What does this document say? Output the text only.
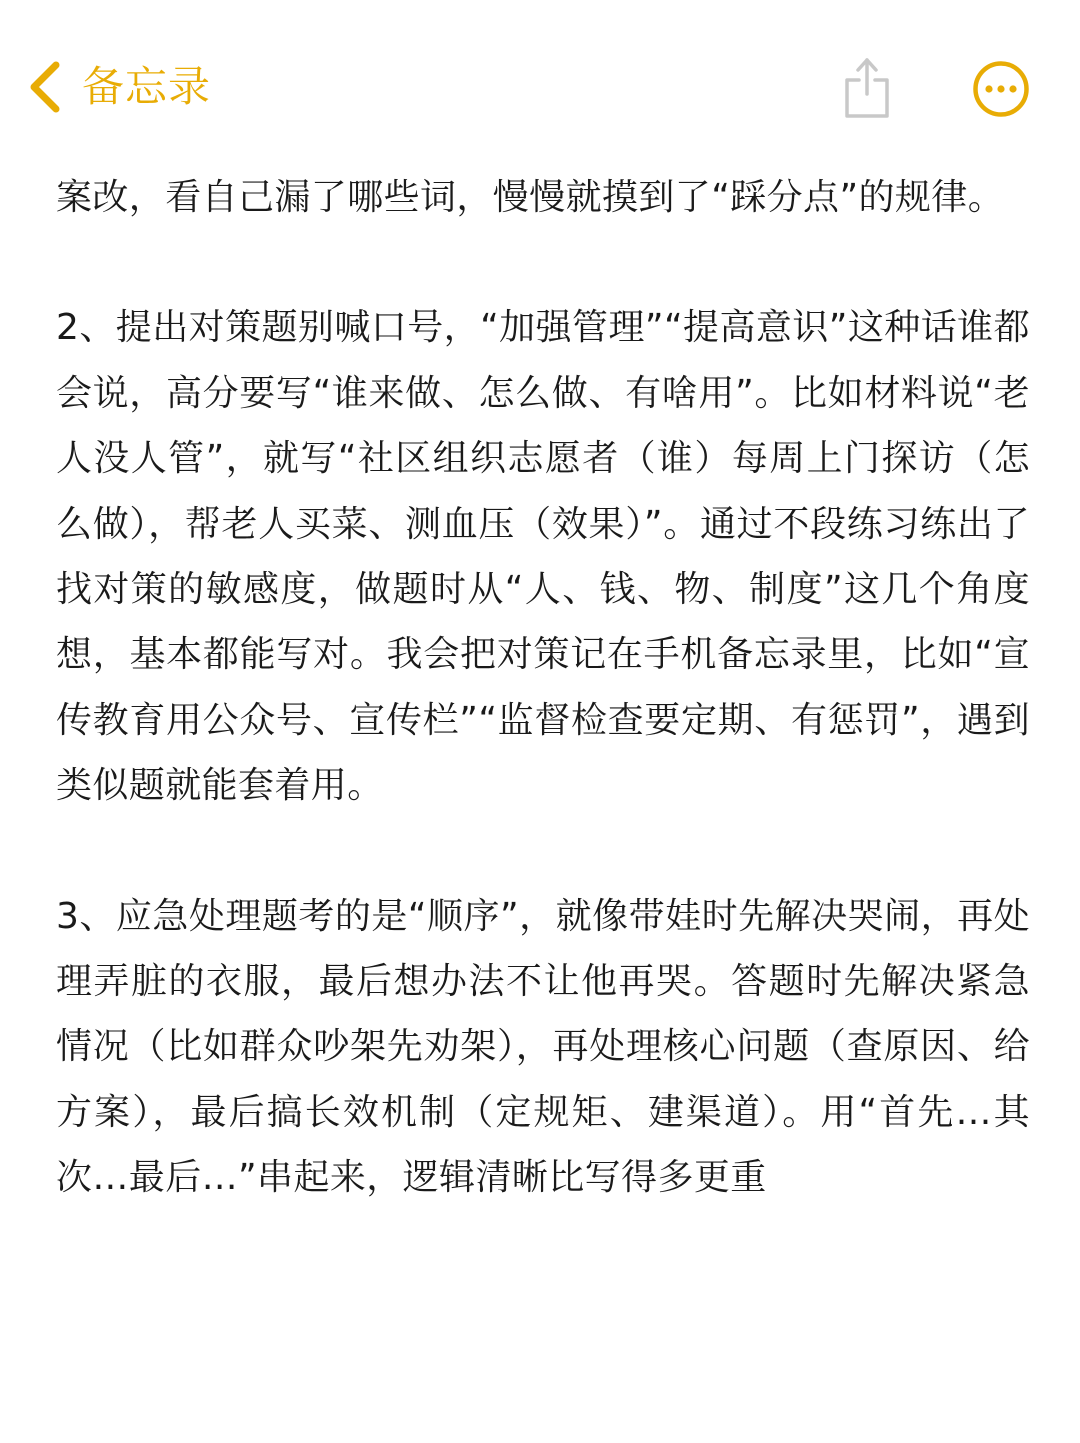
备忘录

案改，看自己漏了哪些词，慢慢就摸到了“踩分点”的规律。

2、提出对策题别喊口号，“加强管理”“提高意识”这种话谁都会说，高分要写“谁来做、怎么做、有啥用”。比如材料说“老人没人管”，就写“社区组织志愿者（谁）每周上门探访（怎么做），帮老人买菜、测血压（效果）”。通过不段练习练出了找对策的敏感度，做题时从“人、钱、物、制度”这几个角度想，基本都能写对。我会把对策记在手机备忘录里，比如“宣传教育用公众号、宣传栏”“监督检查要定期、有惩罚”，遇到类似题就能套着用。

3、应急处理题考的是“顺序”，就像带娃时先解决哭闹，再处理弄脏的衣服，最后想办法不让他再哭。答题时先解决紧急情况（比如群众吵架先劝架），再处理核心问题（查原因、给方案），最后搞长效机制（定规矩、建渠道）。用“首先…其次…最后…”串起来，逻辑清晰比写得多更重
